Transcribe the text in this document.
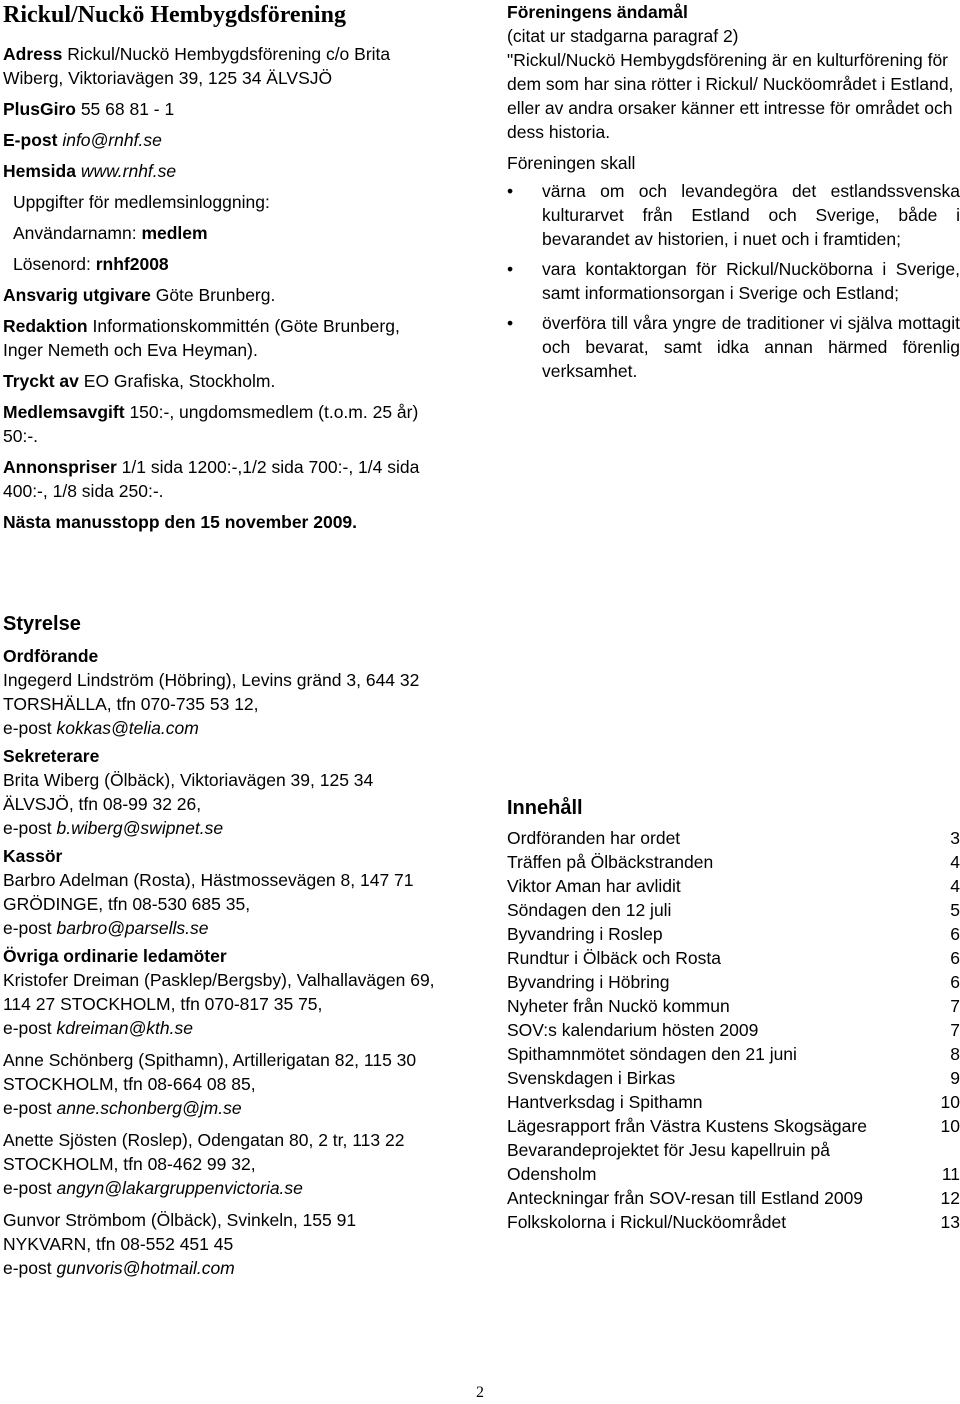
Rickul/Nuckö Hembygdsförening

Adress Rickul/Nuckö Hembygdsförening c/o Brita Wiberg, Viktoriavägen 39, 125 34 ÄLVSJÖ

PlusGiro 55 68 81 - 1

E-post info@rnhf.se

Hemsida www.rnhf.se

Uppgifter för medlemsinloggning:

Användarnamn: medlem

Lösenord: rnhf2008

Ansvarig utgivare Göte Brunberg.

Redaktion Informationskommittén (Göte Brunberg, Inger Nemeth och Eva Heyman).

Tryckt av EO Grafiska, Stockholm.

Medlemsavgift 150:-, ungdomsmedlem (t.o.m. 25 år) 50:-.

Annonspriser 1/1 sida 1200:-,1/2 sida 700:-, 1/4 sida 400:-, 1/8 sida 250:-.

Nästa manusstopp den 15 november 2009.

Styrelse

Ordförande

Ingegerd Lindström (Höbring), Levins gränd 3, 644 32 TORSHÄLLA, tfn 070-735 53 12,
e-post kokkas@telia.com

Sekreterare

Brita Wiberg (Ölbäck), Viktoriavägen 39, 125 34 ÄLVSJÖ, tfn 08-99 32 26,
e-post b.wiberg@swipnet.se

Kassör

Barbro Adelman (Rosta), Hästmossevägen 8, 147 71 GRÖDINGE, tfn 08-530 685 35,
e-post barbro@parsells.se

Övriga ordinarie ledamöter

Kristofer Dreiman (Pasklep/Bergsby), Valhallavägen 69, 114 27 STOCKHOLM, tfn 070-817 35 75,
e-post kdreiman@kth.se

Anne Schönberg (Spithamn), Artillerigatan 82, 115 30 STOCKHOLM, tfn 08-664 08 85,
e-post anne.schonberg@jm.se

Anette Sjösten (Roslep), Odengatan 80, 2 tr, 113 22 STOCKHOLM, tfn 08-462 99 32,
e-post angyn@lakargruppenvictoria.se

Gunvor Strömbom (Ölbäck), Svinkeln, 155 91 NYKVARN, tfn 08-552 451 45
e-post gunvoris@hotmail.com

Föreningens ändamål

(citat ur stadgarna paragraf 2)

"Rickul/Nuckö Hembygdsförening är en kulturförening för dem som har sina rötter i Rickul/ Nucköområdet i Estland, eller av andra orsaker känner ett intresse för området och dess historia.

Föreningen skall

• värna om och levandegöra det estlandssvenska kulturarvet från Estland och Sverige, både i bevarandet av historien, i nuet och i framtiden;
• vara kontaktorgan för Rickul/Nucköborna i Sverige, samt informationsorgan i Sverige och Estland;
• överföra till våra yngre de traditioner vi själva mottagit och bevarat, samt idka annan härmed förenlig verksamhet.
Innehåll
Ordföranden har ordet	3
Träffen på Ölbäckstranden	4
Viktor Aman har avlidit	4
Söndagen den 12 juli	5
Byvandring i Roslep	6
Rundtur i Ölbäck och Rosta	6
Byvandring i Höbring	6
Nyheter från Nuckö kommun	7
SOV:s kalendarium hösten 2009	7
Spithamnmötet söndagen den 21 juni	8
Svenskdagen i Birkas	9
Hantverksdag i Spithamn	10
Lägesrapport från Västra Kustens Skogsägare	10
Bevarandeprojektet för Jesu kapellruin på Odensholm	11
Anteckningar från SOV-resan till Estland 2009	12
Folkskolorna i Rickul/Nucköområdet	13
2
